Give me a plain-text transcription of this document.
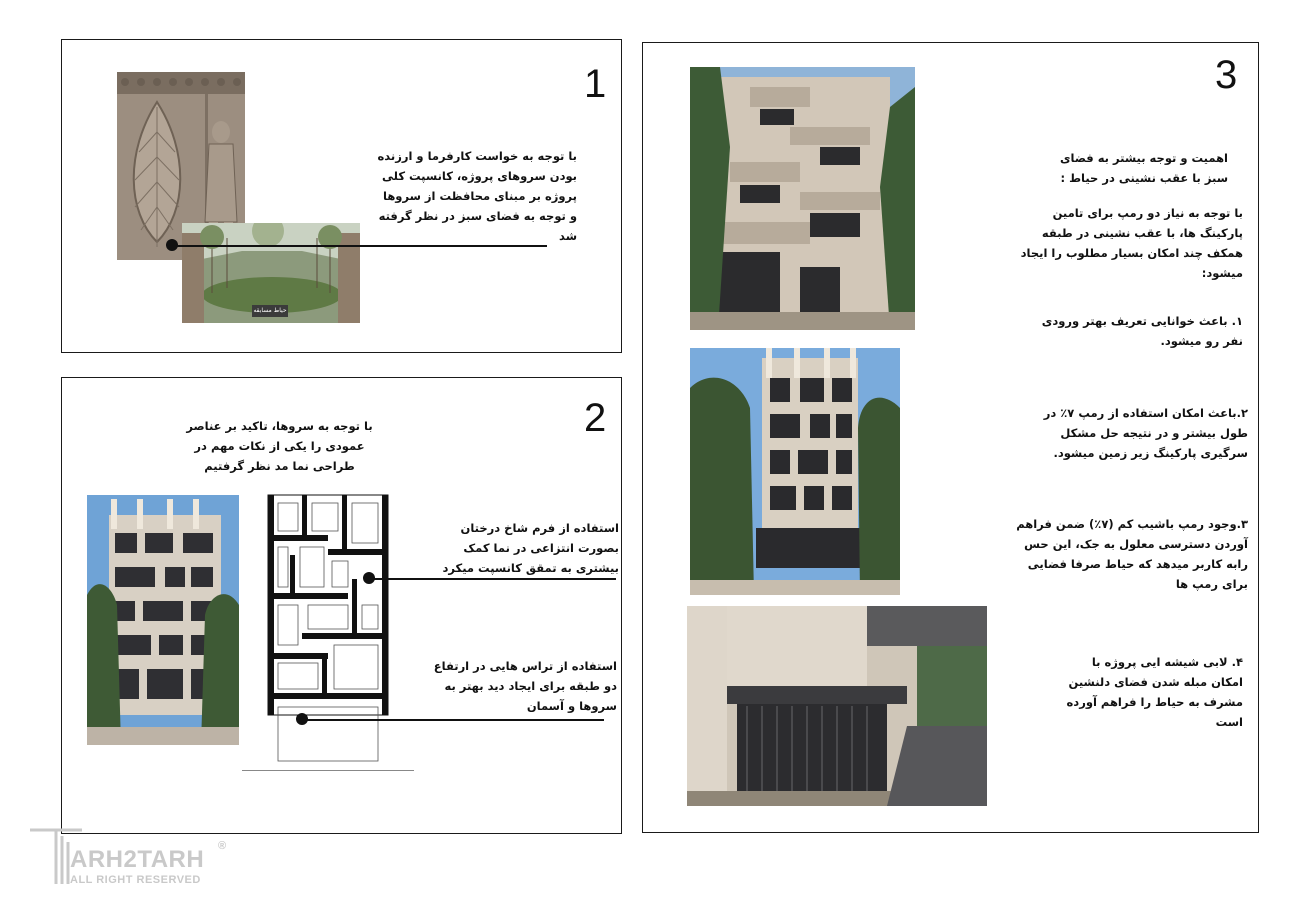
1
حیاط مسابقه
با توجه به خواست کارفرما و ارزنده بودن سروهای پروژه، کانسپت کلی پروژه بر مبنای محافظت از سروها و توجه به فضای سبز در نظر گرفته شد
2
با توجه به سروها، تاکید بر عناصر عمودی را یکی از نکات مهم در طراحی نما مد نظر گرفتیم
استفاده از فرم شاخ درختان بصورت انتزاعی در نما کمک بیشتری به تمقق کانسپت میکرد
استفاده از تراس هایی در ارتفاع دو طبقه برای ایجاد دید بهتر به سروها و آسمان
3
اهمیت و توجه بیشتر به فضای سبز با عقب نشینی در حیاط :
با توجه به نیاز دو رمپ برای تامین پارکینگ ها، با عقب نشینی در طبقه همکف چند امکان بسیار مطلوب را ایجاد میشود:
۱. باعث خوانایی تعریف بهتر ورودی نفر رو میشود.
۲.باعث امکان استفاده از رمپ ۷٪ در طول بیشتر و در نتیجه حل مشکل سرگیری پارکینگ زیر زمین میشود.
۳.وجود رمپ باشیب کم (۷٪) ضمن فراهم آوردن دسترسی معلول به جک، این حس رابه کاربر میدهد که حیاط صرفا فضایی برای رمپ ها
۴. لابی شیشه ایی پروژه با امکان مبله شدن فضای دلنشین مشرف به حیاط را فراهم آورده است
ARH2TARH
ALL RIGHT RESERVED
®
